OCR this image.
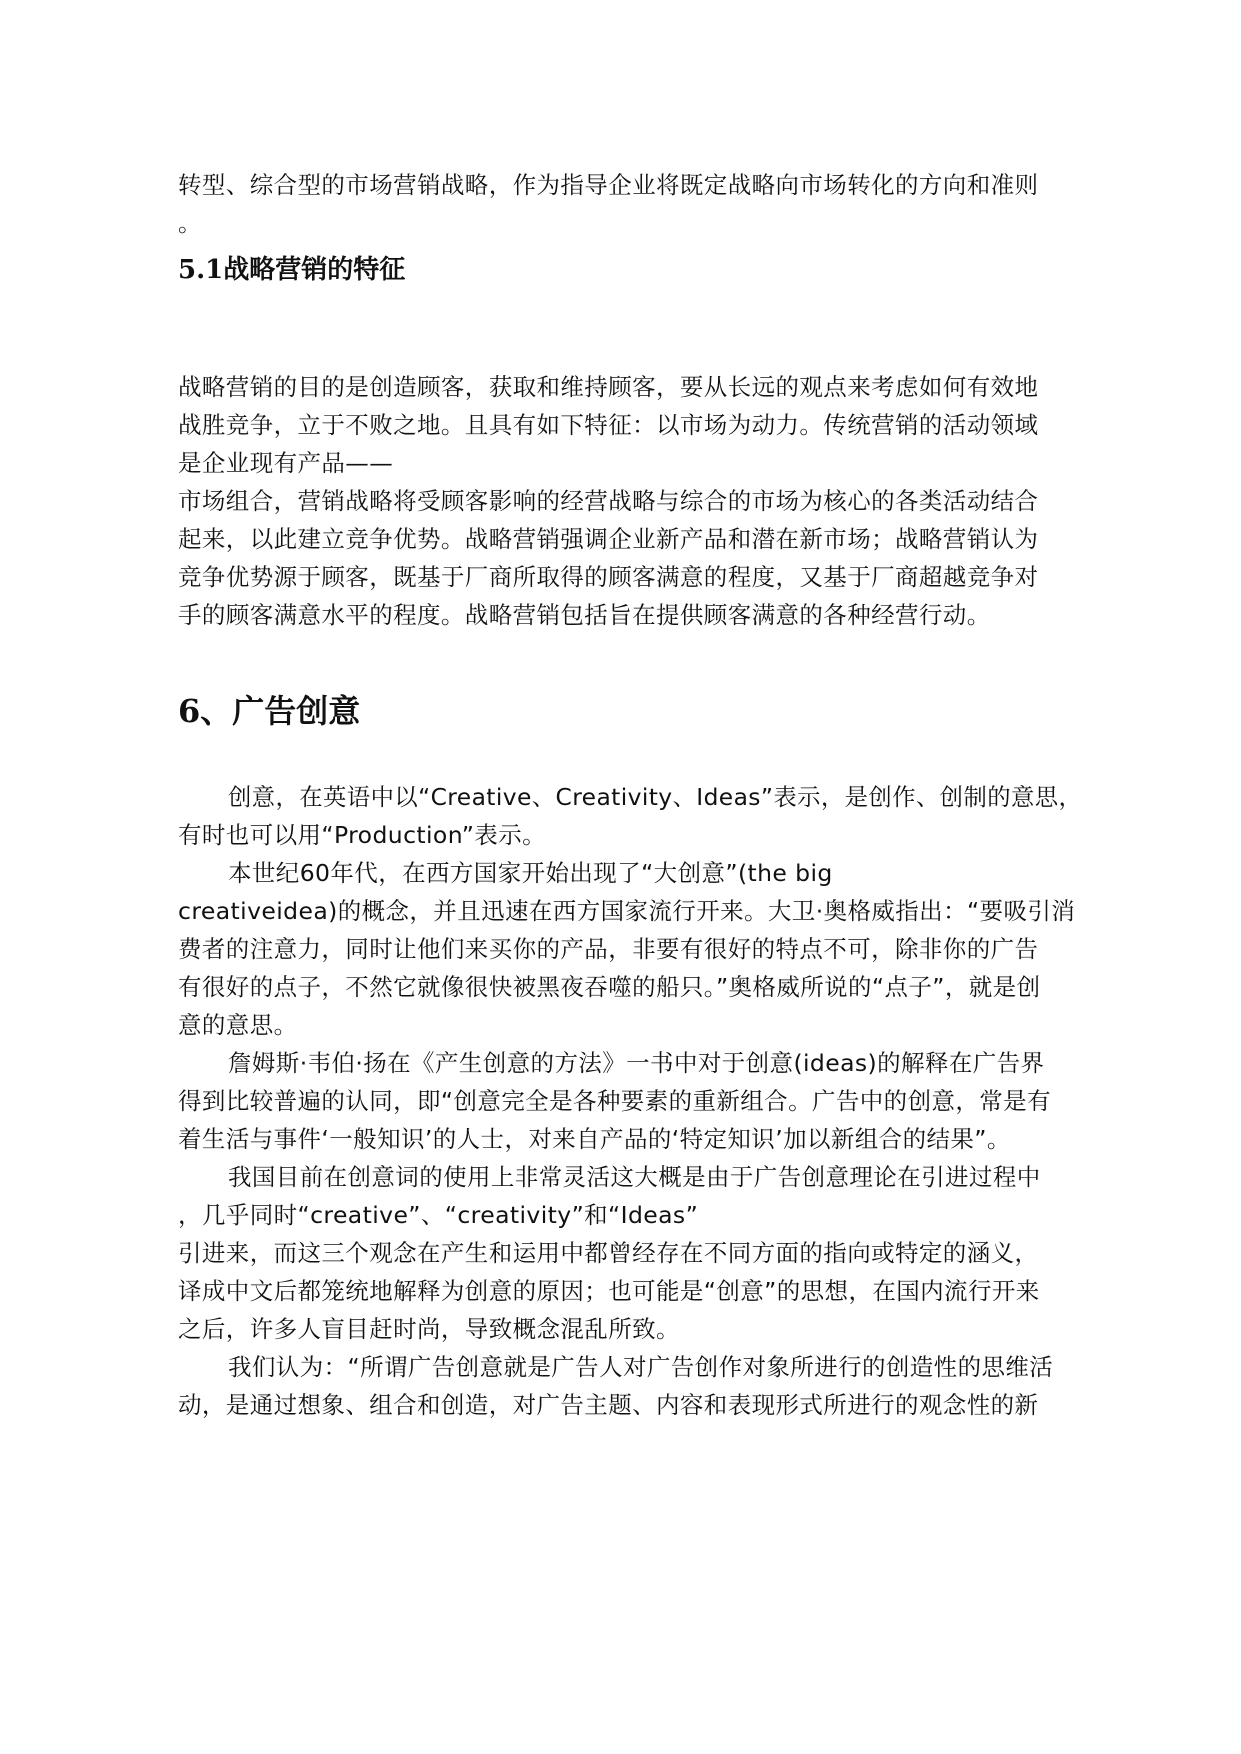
转型、综合型的市场营销战略，作为指导企业将既定战略向市场转化的方向和准则
。
5.1战略营销的特征
战略营销的目的是创造顾客，获取和维持顾客，要从长远的观点来考虑如何有效地
战胜竞争，立于不败之地。且具有如下特征：以市场为动力。传统营销的活动领域
是企业现有产品——
市场组合，营销战略将受顾客影响的经营战略与综合的市场为核心的各类活动结合
起来，以此建立竞争优势。战略营销强调企业新产品和潜在新市场；战略营销认为
竞争优势源于顾客，既基于厂商所取得的顾客满意的程度，又基于厂商超越竞争对
手的顾客满意水平的程度。战略营销包括旨在提供顾客满意的各种经营行动。
6、广告创意
创意，在英语中以“Creative、Creativity、Ideas”表示，是创作、创制的意思，
有时也可以用“Production”表示。
本世纪60年代，在西方国家开始出现了“大创意”(the big
creativeidea)的概念，并且迅速在西方国家流行开来。大卫·奥格威指出：“要吸引消
费者的注意力，同时让他们来买你的产品，非要有很好的特点不可，除非你的广告
有很好的点子，不然它就像很快被黑夜吞噬的船只。”奥格威所说的“点子”，就是创
意的意思。
詹姆斯·韦伯·扬在《产生创意的方法》一书中对于创意(ideas)的解释在广告界
得到比较普遍的认同，即“创意完全是各种要素的重新组合。广告中的创意，常是有
着生活与事件‘一般知识’的人士，对来自产品的‘特定知识’加以新组合的结果”。
我国目前在创意词的使用上非常灵活这大概是由于广告创意理论在引进过程中
，几乎同时“creative”、“creativity”和“Ideas”
引进来，而这三个观念在产生和运用中都曾经存在不同方面的指向或特定的涵义，
译成中文后都笼统地解释为创意的原因；也可能是“创意”的思想，在国内流行开来
之后，许多人盲目赶时尚，导致概念混乱所致。
我们认为：“所谓广告创意就是广告人对广告创作对象所进行的创造性的思维活
动，是通过想象、组合和创造，对广告主题、内容和表现形式所进行的观念性的新
